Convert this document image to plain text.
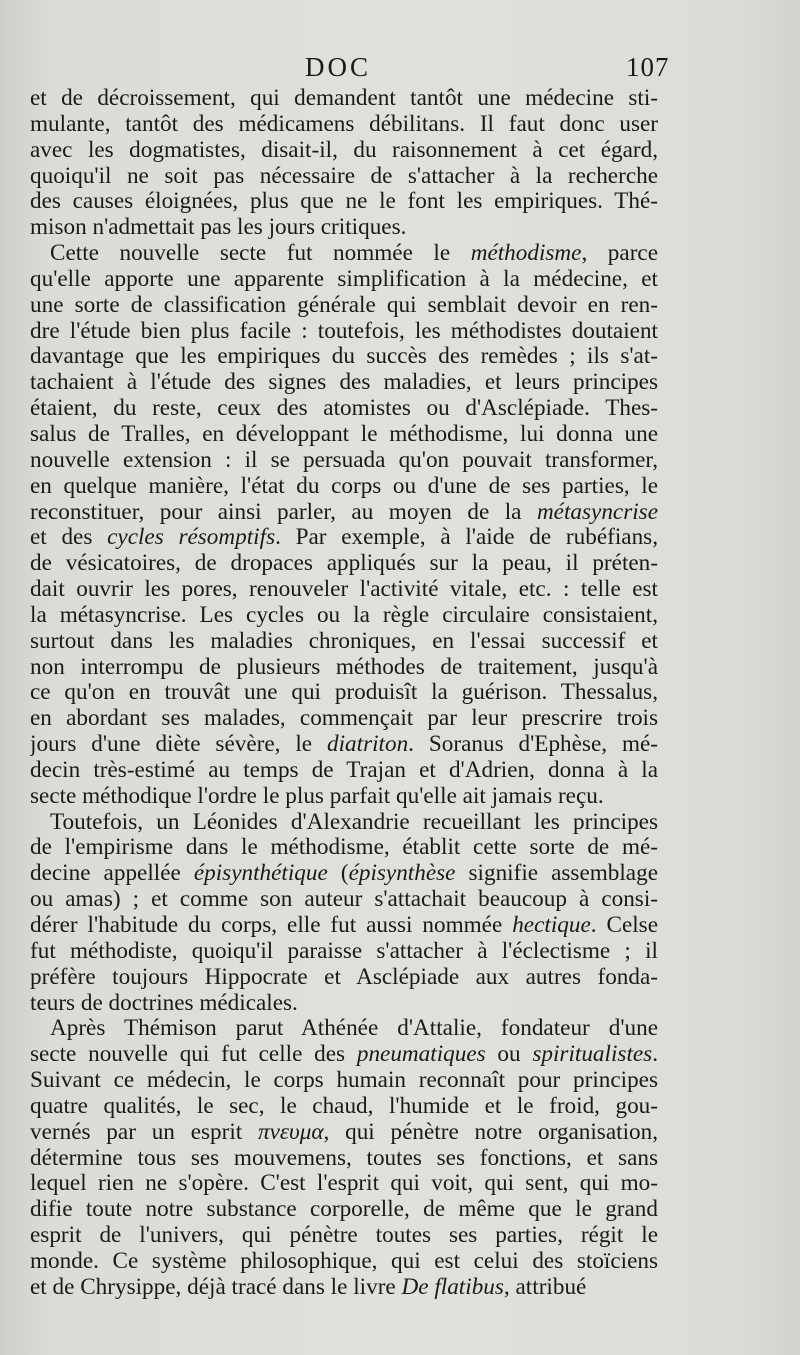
DOC	107
et de décroissement, qui demandent tantôt une médecine sti-
mulante, tantôt des médicamens débilitans. Il faut donc user
avec les dogmatistes, disait-il, du raisonnement à cet égard,
quoiqu'il ne soit pas nécessaire de s'attacher à la recherche
des causes éloignées, plus que ne le font les empiriques. Thé-
mison n'admettait pas les jours critiques.
Cette nouvelle secte fut nommée le méthodisme, parce
qu'elle apporte une apparente simplification à la médecine, et
une sorte de classification générale qui semblait devoir en ren-
dre l'étude bien plus facile : toutefois, les méthodistes doutaient
davantage que les empiriques du succès des remèdes ; ils s'at-
tachaient à l'étude des signes des maladies, et leurs principes
étaient, du reste, ceux des atomistes ou d'Asclépiade. Thes-
salus de Tralles, en développant le méthodisme, lui donna une
nouvelle extension : il se persuada qu'on pouvait transformer,
en quelque manière, l'état du corps ou d'une de ses parties, le
reconstituer, pour ainsi parler, au moyen de la métasyncrise
et des cycles résomptifs. Par exemple, à l'aide de rubéfians,
de vésicatoires, de dropaces appliqués sur la peau, il préten-
dait ouvrir les pores, renouveler l'activité vitale, etc. : telle est
la métasyncrise. Les cycles ou la règle circulaire consistaient,
surtout dans les maladies chroniques, en l'essai successif et
non interrompu de plusieurs méthodes de traitement, jusqu'à
ce qu'on en trouvât une qui produisît la guérison. Thessalus,
en abordant ses malades, commençait par leur prescrire trois
jours d'une diète sévère, le diatriton. Soranus d'Ephèse, mé-
decin très-estimé au temps de Trajan et d'Adrien, donna à la
secte méthodique l'ordre le plus parfait qu'elle ait jamais reçu.
Toutefois, un Léonides d'Alexandrie recueillant les principes
de l'empirisme dans le méthodisme, établit cette sorte de mé-
decine appellée épisynthétique (épisynthèse signifie assemblage
ou amas) ; et comme son auteur s'attachait beaucoup à consi-
dérer l'habitude du corps, elle fut aussi nommée hectique. Celse
fut méthodiste, quoiqu'il paraisse s'attacher à l'éclectisme ; il
préfère toujours Hippocrate et Asclépiade aux autres fonda-
teurs de doctrines médicales.
Après Thémison parut Athénée d'Attalie, fondateur d'une
secte nouvelle qui fut celle des pneumatiques ou spiritualistes.
Suivant ce médecin, le corps humain reconnaît pour principes
quatre qualités, le sec, le chaud, l'humide et le froid, gou-
vernés par un esprit πνευμα, qui pénètre notre organisation,
détermine tous ses mouvemens, toutes ses fonctions, et sans
lequel rien ne s'opère. C'est l'esprit qui voit, qui sent, qui mo-
difie toute notre substance corporelle, de même que le grand
esprit de l'univers, qui pénètre toutes ses parties, régit le
monde. Ce système philosophique, qui est celui des stoïciens
et de Chrysippe, déjà tracé dans le livre De flatibus, attribué
